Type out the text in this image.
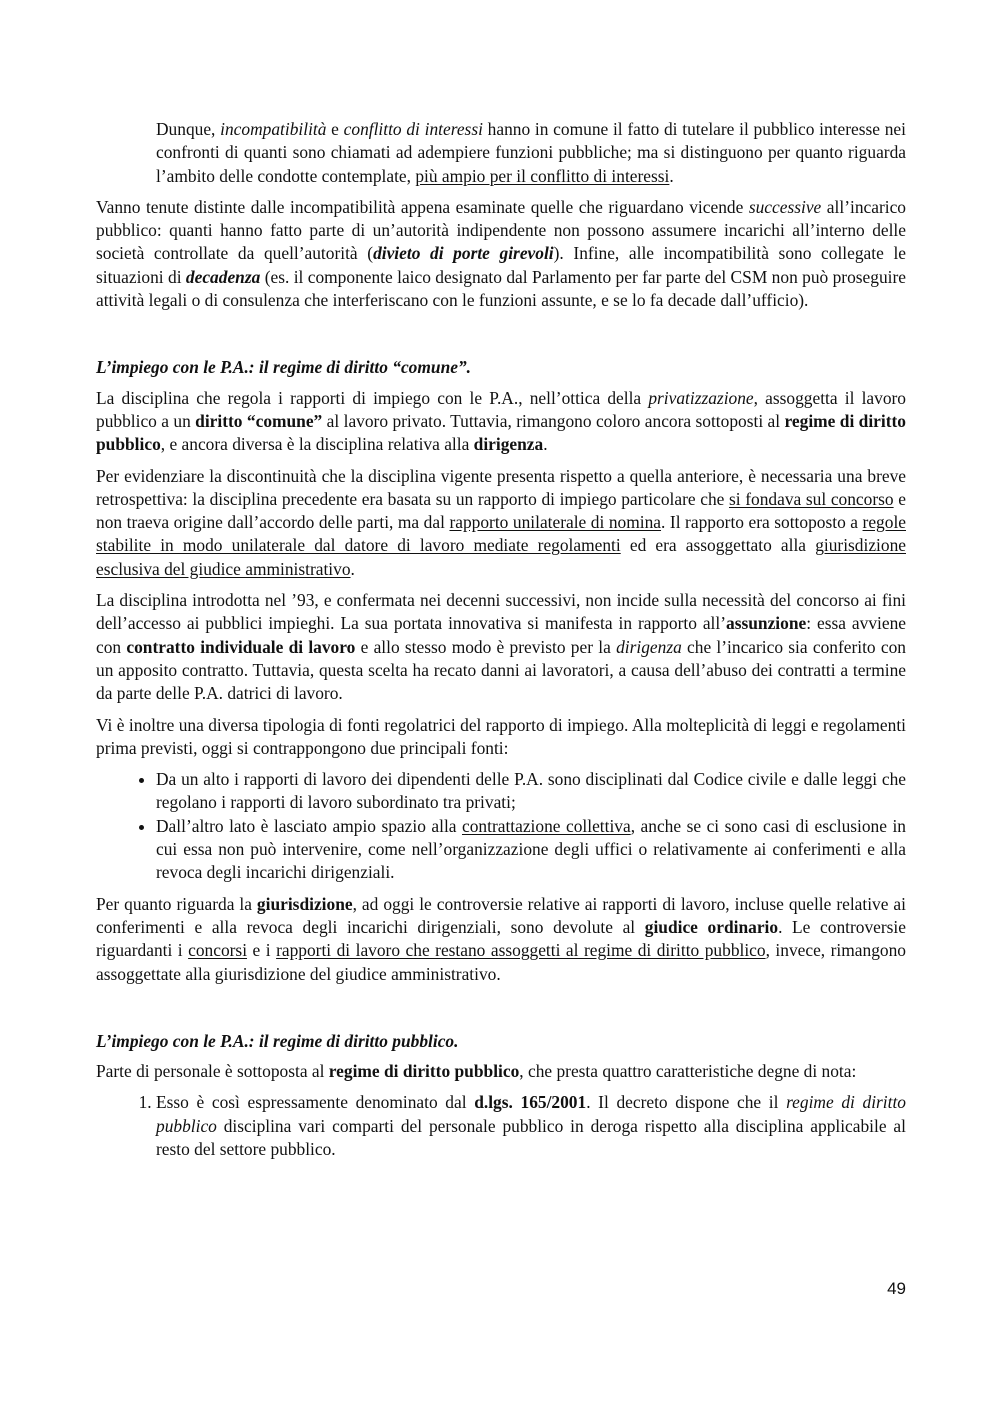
Dunque, incompatibilità e conflitto di interessi hanno in comune il fatto di tutelare il pubblico interesse nei confronti di quanti sono chiamati ad adempiere funzioni pubbliche; ma si distinguono per quanto riguarda l’ambito delle condotte contemplate, più ampio per il conflitto di interessi.

Vanno tenute distinte dalle incompatibilità appena esaminate quelle che riguardano vicende successive all’incarico pubblico: quanti hanno fatto parte di un’autorità indipendente non possono assumere incarichi all’interno delle società controllate da quell’autorità (divieto di porte girevoli). Infine, alle incompatibilità sono collegate le situazioni di decadenza (es. il componente laico designato dal Parlamento per far parte del CSM non può proseguire attività legali o di consulenza che interferiscano con le funzioni assunte, e se lo fa decade dall’ufficio).

L’impiego con le P.A.: il regime di diritto “comune”.

La disciplina che regola i rapporti di impiego con le P.A., nell’ottica della privatizzazione, assoggetta il lavoro pubblico a un diritto “comune” al lavoro privato. Tuttavia, rimangono coloro ancora sottoposti al regime di diritto pubblico, e ancora diversa è la disciplina relativa alla dirigenza.

Per evidenziare la discontinuità che la disciplina vigente presenta rispetto a quella anteriore, è necessaria una breve retrospettiva: la disciplina precedente era basata su un rapporto di impiego particolare che si fondava sul concorso e non traeva origine dall’accordo delle parti, ma dal rapporto unilaterale di nomina. Il rapporto era sottoposto a regole stabilite in modo unilaterale dal datore di lavoro mediate regolamenti ed era assoggettato alla giurisdizione esclusiva del giudice amministrativo.

La disciplina introdotta nel ’93, e confermata nei decenni successivi, non incide sulla necessità del concorso ai fini dell’accesso ai pubblici impieghi. La sua portata innovativa si manifesta in rapporto all’assunzione: essa avviene con contratto individuale di lavoro e allo stesso modo è previsto per la dirigenza che l’incarico sia conferito con un apposito contratto. Tuttavia, questa scelta ha recato danni ai lavoratori, a causa dell’abuso dei contratti a termine da parte delle P.A. datrici di lavoro.

Vi è inoltre una diversa tipologia di fonti regolatrici del rapporto di impiego. Alla molteplicità di leggi e regolamenti prima previsti, oggi si contrappongono due principali fonti:

• Da un alto i rapporti di lavoro dei dipendenti delle P.A. sono disciplinati dal Codice civile e dalle leggi che regolano i rapporti di lavoro subordinato tra privati;
• Dall’altro lato è lasciato ampio spazio alla contrattazione collettiva, anche se ci sono casi di esclusione in cui essa non può intervenire, come nell’organizzazione degli uffici o relativamente ai conferimenti e alla revoca degli incarichi dirigenziali.

Per quanto riguarda la giurisdizione, ad oggi le controversie relative ai rapporti di lavoro, incluse quelle relative ai conferimenti e alla revoca degli incarichi dirigenziali, sono devolute al giudice ordinario. Le controversie riguardanti i concorsi e i rapporti di lavoro che restano assoggetti al regime di diritto pubblico, invece, rimangono assoggettate alla giurisdizione del giudice amministrativo.

L’impiego con le P.A.: il regime di diritto pubblico.

Parte di personale è sottoposta al regime di diritto pubblico, che presta quattro caratteristiche degne di nota:

1. Esso è così espressamente denominato dal d.lgs. 165/2001. Il decreto dispone che il regime di diritto pubblico disciplina vari comparti del personale pubblico in deroga rispetto alla disciplina applicabile al resto del settore pubblico.
49
